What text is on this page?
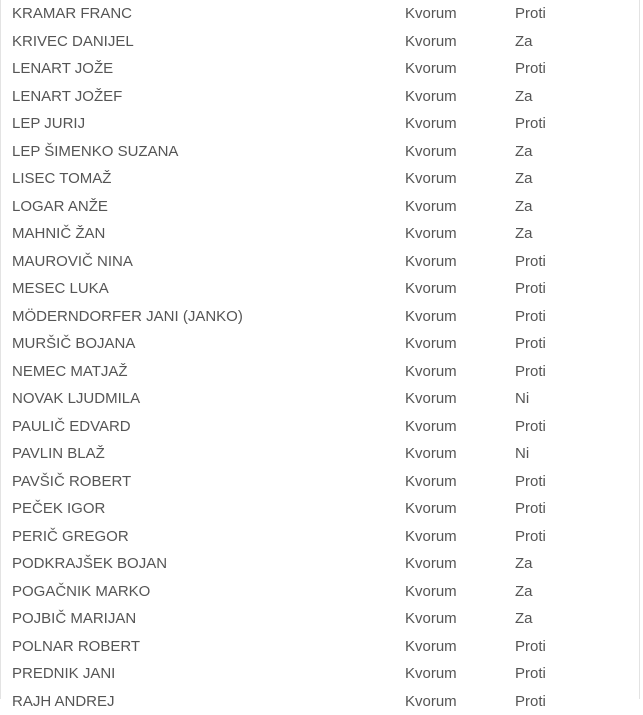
KRAMAR FRANC	Kvorum	Proti
KRIVEC DANIJEL	Kvorum	Za
LENART JOŽE	Kvorum	Proti
LENART JOŽEF	Kvorum	Za
LEP JURIJ	Kvorum	Proti
LEP ŠIMENKO SUZANA	Kvorum	Za
LISEC TOMAŽ	Kvorum	Za
LOGAR ANŽE	Kvorum	Za
MAHNIČ ŽAN	Kvorum	Za
MAUROVIČ NINA	Kvorum	Proti
MESEC LUKA	Kvorum	Proti
MÖDERNDORFER JANI (JANKO)	Kvorum	Proti
MURŠIČ BOJANA	Kvorum	Proti
NEMEC MATJAŽ	Kvorum	Proti
NOVAK LJUDMILA	Kvorum	Ni
PAULIČ EDVARD	Kvorum	Proti
PAVLIN BLAŽ	Kvorum	Ni
PAVŠIČ ROBERT	Kvorum	Proti
PEČEK IGOR	Kvorum	Proti
PERIČ GREGOR	Kvorum	Proti
PODKRAJŠEK BOJAN	Kvorum	Za
POGAČNIK MARKO	Kvorum	Za
POJBIČ MARIJAN	Kvorum	Za
POLNAR ROBERT	Kvorum	Proti
PREDNIK JANI	Kvorum	Proti
RAJH ANDREJ	Kvorum	Proti
